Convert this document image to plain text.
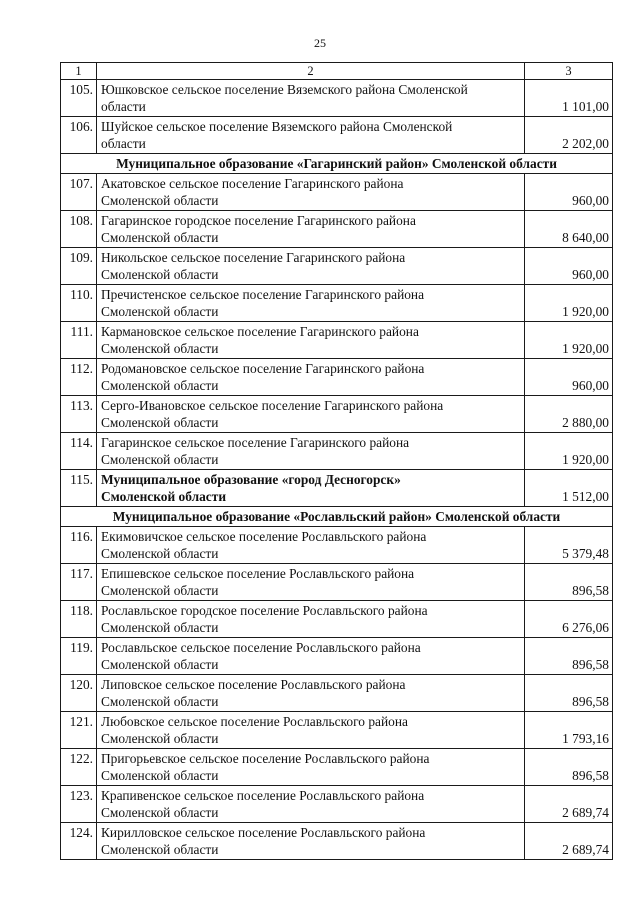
25
1	2	3
105.	Юшковское сельское поселение Вяземского района Смоленской
области	1 101,00
106.	Шуйское сельское поселение Вяземского района Смоленской
области	2 202,00
Муниципальное образование «Гагаринский район» Смоленской области		
107.	Акатовское сельское поселение Гагаринского района
Смоленской области	960,00
108.	Гагаринское городское поселение Гагаринского района
Смоленской области	8 640,00
109.	Никольское сельское поселение Гагаринского района
Смоленской области	960,00
110.	Пречистенское сельское поселение Гагаринского района
Смоленской области	1 920,00
111.	Кармановское сельское поселение Гагаринского района
Смоленской области	1 920,00
112.	Родомановское сельское поселение Гагаринского района
Смоленской области	960,00
113.	Серго-Ивановское сельское поселение Гагаринского района
Смоленской области	2 880,00
114.	Гагаринское сельское поселение Гагаринского района
Смоленской области	1 920,00
115.	Муниципальное образование «город Десногорск»
Смоленской области	1 512,00
Муниципальное образование «Рославльский район» Смоленской области		
116.	Екимовичское сельское поселение Рославльского района
Смоленской области	5 379,48
117.	Епишевское сельское поселение Рославльского района
Смоленской области	896,58
118.	Рославльское городское поселение Рославльского района
Смоленской области	6 276,06
119.	Рославльское сельское поселение Рославльского района
Смоленской области	896,58
120.	Липовское сельское поселение Рославльского района
Смоленской области	896,58
121.	Любовское сельское поселение Рославльского района
Смоленской области	1 793,16
122.	Пригорьевское сельское поселение Рославльского района
Смоленской области	896,58
123.	Крапивенское сельское поселение Рославльского района
Смоленской области	2 689,74
124.	Кирилловское сельское поселение Рославльского района
Смоленской области	2 689,74
